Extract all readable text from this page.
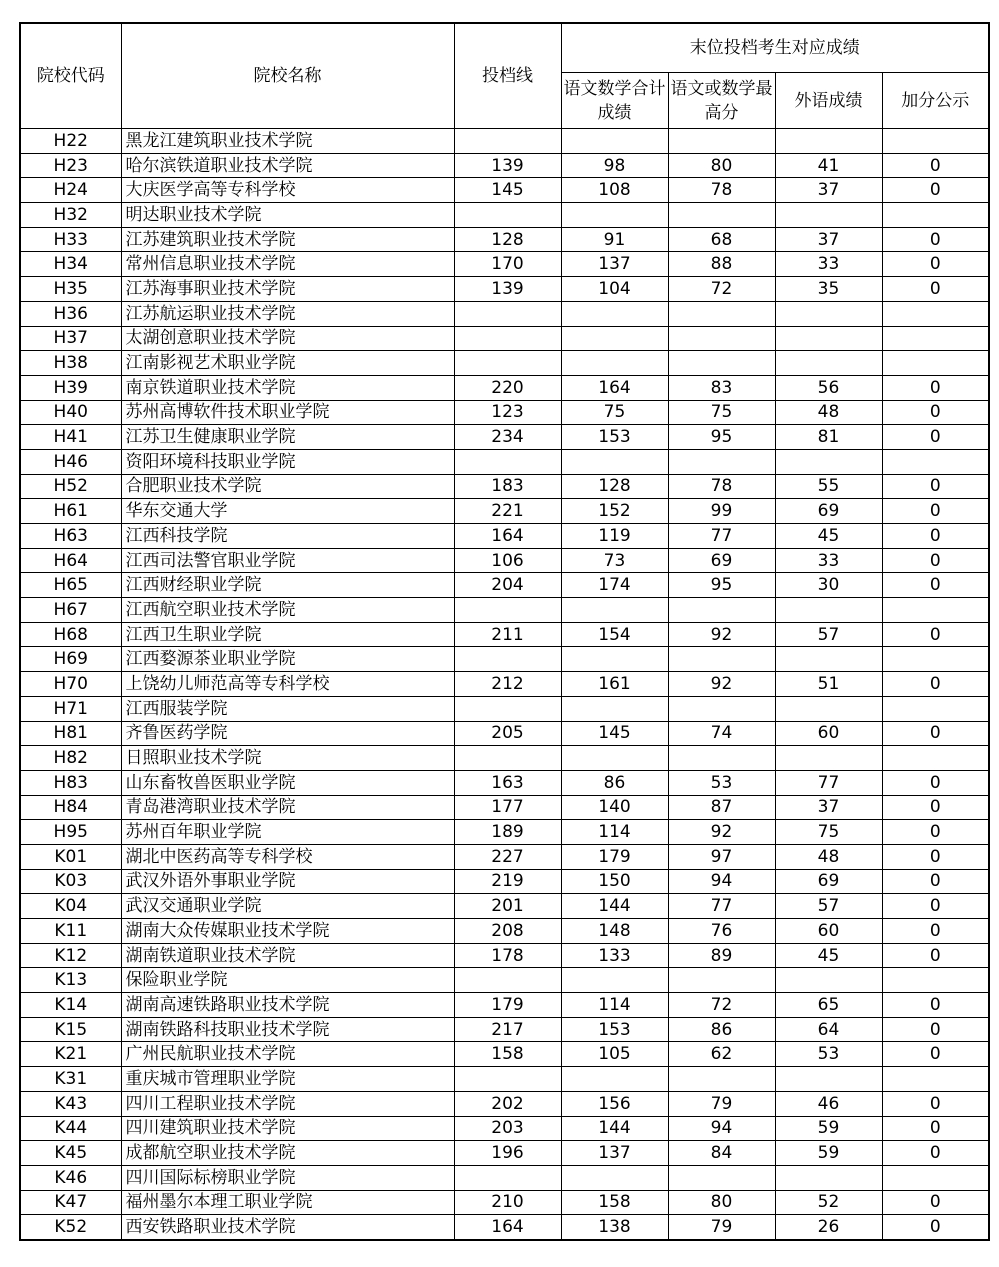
院校代码	院校名称	投档线	末位投档考生对应成绩			
			语文数学合计成绩	语文或数学最高分	外语成绩	加分公示
H22	黑龙江建筑职业技术学院					
H23	哈尔滨铁道职业技术学院	139	98	80	41	0
H24	大庆医学高等专科学校	145	108	78	37	0
H32	明达职业技术学院					
H33	江苏建筑职业技术学院	128	91	68	37	0
H34	常州信息职业技术学院	170	137	88	33	0
H35	江苏海事职业技术学院	139	104	72	35	0
H36	江苏航运职业技术学院					
H37	太湖创意职业技术学院					
H38	江南影视艺术职业学院					
H39	南京铁道职业技术学院	220	164	83	56	0
H40	苏州高博软件技术职业学院	123	75	75	48	0
H41	江苏卫生健康职业学院	234	153	95	81	0
H46	资阳环境科技职业学院					
H52	合肥职业技术学院	183	128	78	55	0
H61	华东交通大学	221	152	99	69	0
H63	江西科技学院	164	119	77	45	0
H64	江西司法警官职业学院	106	73	69	33	0
H65	江西财经职业学院	204	174	95	30	0
H67	江西航空职业技术学院					
H68	江西卫生职业学院	211	154	92	57	0
H69	江西婺源茶业职业学院					
H70	上饶幼儿师范高等专科学校	212	161	92	51	0
H71	江西服装学院					
H81	齐鲁医药学院	205	145	74	60	0
H82	日照职业技术学院					
H83	山东畜牧兽医职业学院	163	86	53	77	0
H84	青岛港湾职业技术学院	177	140	87	37	0
H95	苏州百年职业学院	189	114	92	75	0
K01	湖北中医药高等专科学校	227	179	97	48	0
K03	武汉外语外事职业学院	219	150	94	69	0
K04	武汉交通职业学院	201	144	77	57	0
K11	湖南大众传媒职业技术学院	208	148	76	60	0
K12	湖南铁道职业技术学院	178	133	89	45	0
K13	保险职业学院					
K14	湖南高速铁路职业技术学院	179	114	72	65	0
K15	湖南铁路科技职业技术学院	217	153	86	64	0
K21	广州民航职业技术学院	158	105	62	53	0
K31	重庆城市管理职业学院					
K43	四川工程职业技术学院	202	156	79	46	0
K44	四川建筑职业技术学院	203	144	94	59	0
K45	成都航空职业技术学院	196	137	84	59	0
K46	四川国际标榜职业学院					
K47	福州墨尔本理工职业学院	210	158	80	52	0
K52	西安铁路职业技术学院	164	138	79	26	0
